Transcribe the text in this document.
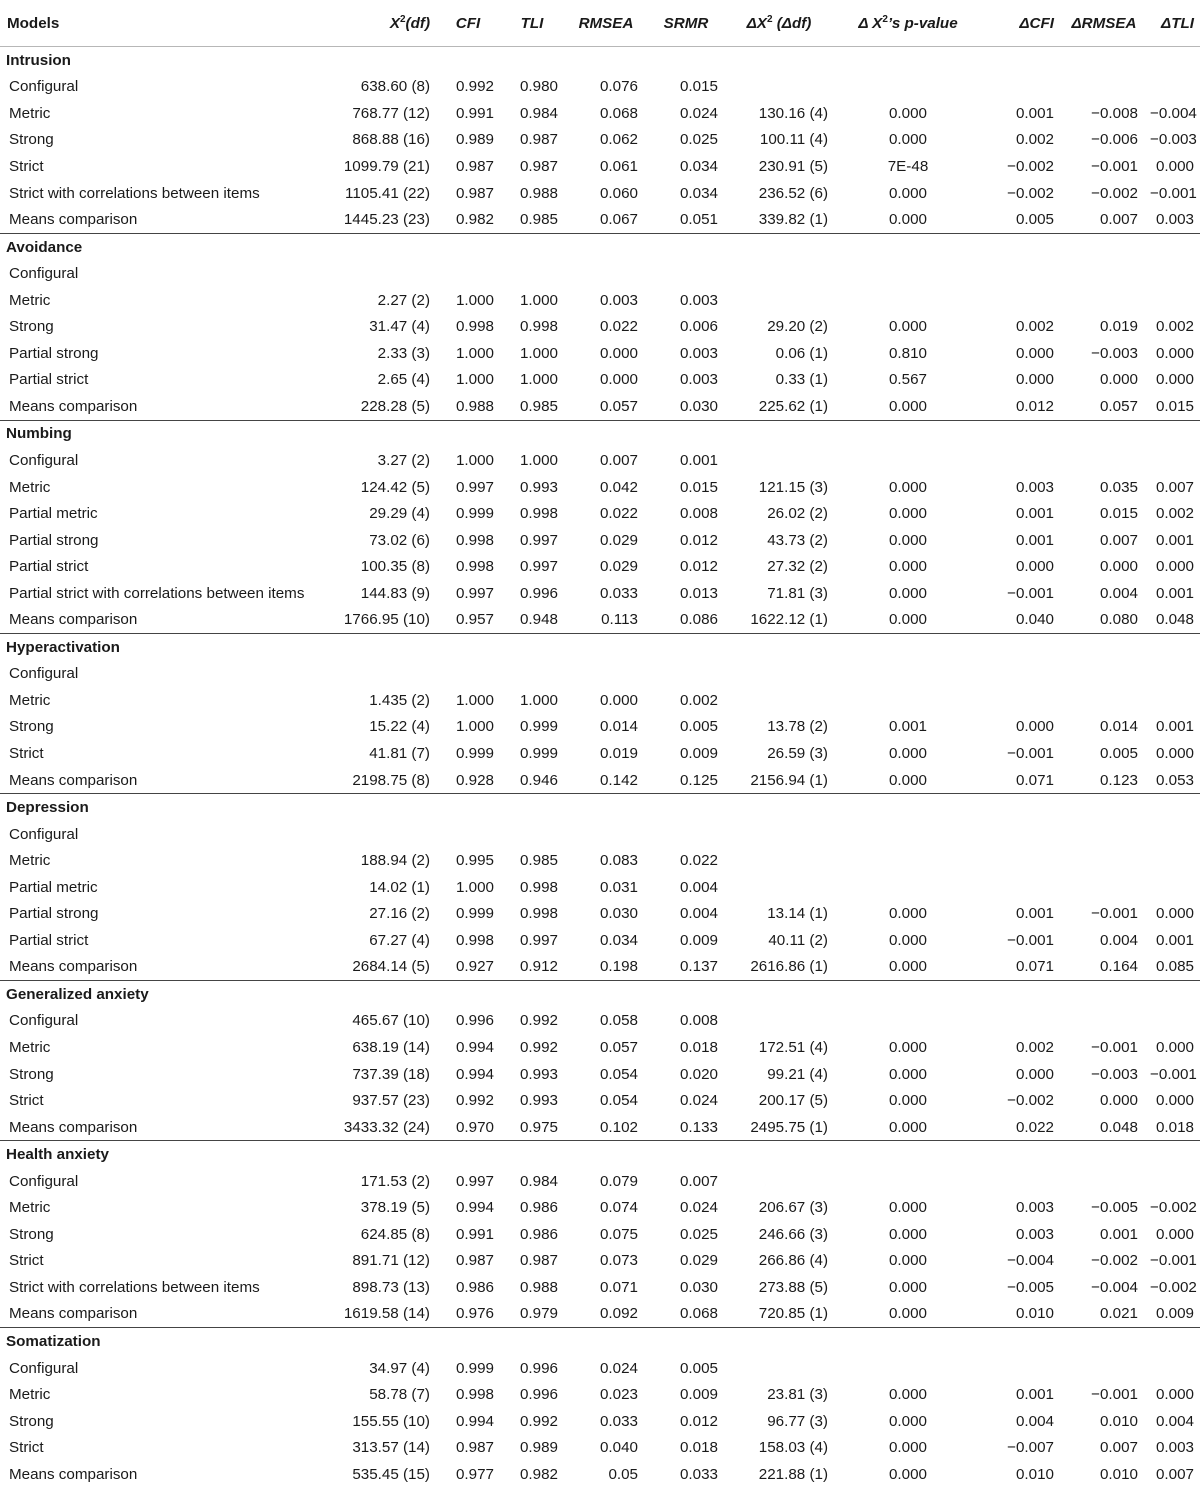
Models	$X^2(df)$	CFI	TLI	RMSEA	SRMR	$\Delta X^2$ (Δdf)	Δ $X^2’s$ p-value	ΔCFI	ΔRMSEA	ΔTLI
Intrusion										
Configural	638.60 (8)	0.992	0.980	0.076	0.015					
Metric	768.77 (12)	0.991	0.984	0.068	0.024	130.16 (4)	0.000	0.001	−0.008	−0.004
Strong	868.88 (16)	0.989	0.987	0.062	0.025	100.11 (4)	0.000	0.002	−0.006	−0.003
Strict	1099.79 (21)	0.987	0.987	0.061	0.034	230.91 (5)	7E-48	−0.002	−0.001	0.000
Strict with correlations between items	1105.41 (22)	0.987	0.988	0.060	0.034	236.52 (6)	0.000	−0.002	−0.002	−0.001
Means comparison	1445.23 (23)	0.982	0.985	0.067	0.051	339.82 (1)	0.000	0.005	0.007	0.003
Avoidance										
Configural										
Metric	2.27 (2)	1.000	1.000	0.003	0.003					
Strong	31.47 (4)	0.998	0.998	0.022	0.006	29.20 (2)	0.000	0.002	0.019	0.002
Partial strong	2.33 (3)	1.000	1.000	0.000	0.003	0.06 (1)	0.810	0.000	−0.003	0.000
Partial strict	2.65 (4)	1.000	1.000	0.000	0.003	0.33 (1)	0.567	0.000	0.000	0.000
Means comparison	228.28 (5)	0.988	0.985	0.057	0.030	225.62 (1)	0.000	0.012	0.057	0.015
Numbing										
Configural	3.27 (2)	1.000	1.000	0.007	0.001					
Metric	124.42 (5)	0.997	0.993	0.042	0.015	121.15 (3)	0.000	0.003	0.035	0.007
Partial metric	29.29 (4)	0.999	0.998	0.022	0.008	26.02 (2)	0.000	0.001	0.015	0.002
Partial strong	73.02 (6)	0.998	0.997	0.029	0.012	43.73 (2)	0.000	0.001	0.007	0.001
Partial strict	100.35 (8)	0.998	0.997	0.029	0.012	27.32 (2)	0.000	0.000	0.000	0.000
Partial strict with correlations between items	144.83 (9)	0.997	0.996	0.033	0.013	71.81 (3)	0.000	−0.001	0.004	0.001
Means comparison	1766.95 (10)	0.957	0.948	0.113	0.086	1622.12 (1)	0.000	0.040	0.080	0.048
Hyperactivation										
Configural										
Metric	1.435 (2)	1.000	1.000	0.000	0.002					
Strong	15.22 (4)	1.000	0.999	0.014	0.005	13.78 (2)	0.001	0.000	0.014	0.001
Strict	41.81 (7)	0.999	0.999	0.019	0.009	26.59 (3)	0.000	−0.001	0.005	0.000
Means comparison	2198.75 (8)	0.928	0.946	0.142	0.125	2156.94 (1)	0.000	0.071	0.123	0.053
Depression										
Configural										
Metric	188.94 (2)	0.995	0.985	0.083	0.022					
Partial metric	14.02 (1)	1.000	0.998	0.031	0.004					
Partial strong	27.16 (2)	0.999	0.998	0.030	0.004	13.14 (1)	0.000	0.001	−0.001	0.000
Partial strict	67.27 (4)	0.998	0.997	0.034	0.009	40.11 (2)	0.000	−0.001	0.004	0.001
Means comparison	2684.14 (5)	0.927	0.912	0.198	0.137	2616.86 (1)	0.000	0.071	0.164	0.085
Generalized anxiety										
Configural	465.67 (10)	0.996	0.992	0.058	0.008					
Metric	638.19 (14)	0.994	0.992	0.057	0.018	172.51 (4)	0.000	0.002	−0.001	0.000
Strong	737.39 (18)	0.994	0.993	0.054	0.020	99.21 (4)	0.000	0.000	−0.003	−0.001
Strict	937.57 (23)	0.992	0.993	0.054	0.024	200.17 (5)	0.000	−0.002	0.000	0.000
Means comparison	3433.32 (24)	0.970	0.975	0.102	0.133	2495.75 (1)	0.000	0.022	0.048	0.018
Health anxiety										
Configural	171.53 (2)	0.997	0.984	0.079	0.007					
Metric	378.19 (5)	0.994	0.986	0.074	0.024	206.67 (3)	0.000	0.003	−0.005	−0.002
Strong	624.85 (8)	0.991	0.986	0.075	0.025	246.66 (3)	0.000	0.003	0.001	0.000
Strict	891.71 (12)	0.987	0.987	0.073	0.029	266.86 (4)	0.000	−0.004	−0.002	−0.001
Strict with correlations between items	898.73 (13)	0.986	0.988	0.071	0.030	273.88 (5)	0.000	−0.005	−0.004	−0.002
Means comparison	1619.58 (14)	0.976	0.979	0.092	0.068	720.85 (1)	0.000	0.010	0.021	0.009
Somatization										
Configural	34.97 (4)	0.999	0.996	0.024	0.005					
Metric	58.78 (7)	0.998	0.996	0.023	0.009	23.81 (3)	0.000	0.001	−0.001	0.000
Strong	155.55 (10)	0.994	0.992	0.033	0.012	96.77 (3)	0.000	0.004	0.010	0.004
Strict	313.57 (14)	0.987	0.989	0.040	0.018	158.03 (4)	0.000	−0.007	0.007	0.003
Means comparison	535.45 (15)	0.977	0.982	0.05	0.033	221.88 (1)	0.000	0.010	0.010	0.007
